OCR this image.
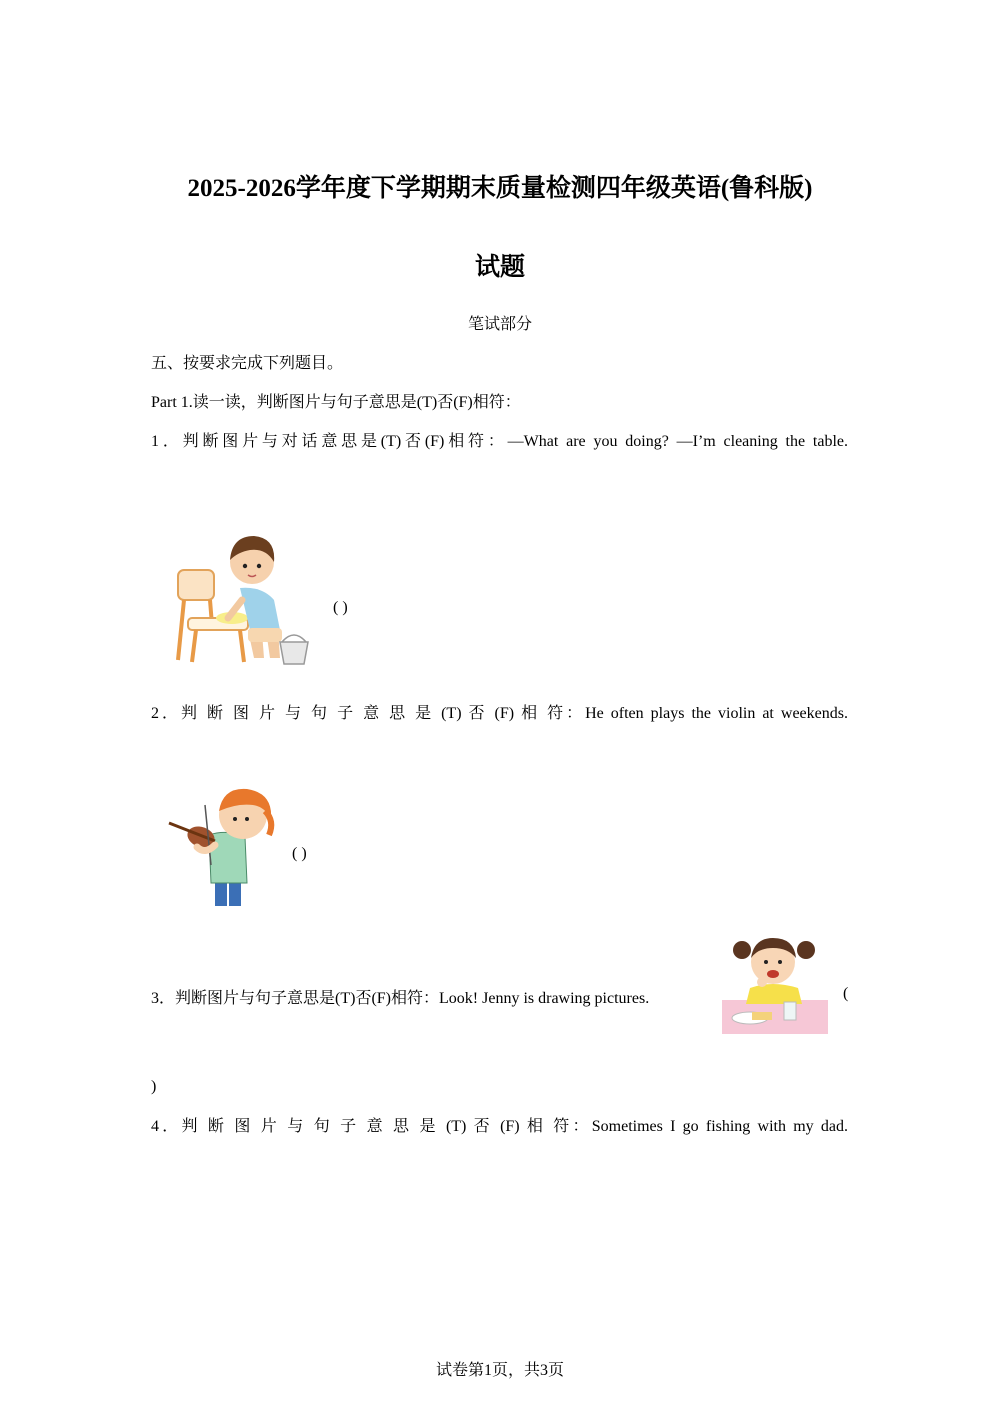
2025-2026学年度下学期期末质量检测四年级英语(鲁科版)
试题
笔试部分
五、按要求完成下列题目。
Part 1.读一读，判断图片与句子意思是(T)否(F)相符：
1．判断图片与对话意思是(T)否(F)相符：—What are you doing? —I’m cleaning the table.
( )
2．判 断 图 片 与 句 子 意 思 是 (T) 否 (F) 相 符：He often plays the violin at weekends.
( )
3．判断图片与句子意思是(T)否(F)相符：Look! Jenny is drawing pictures.	(
)
4．判 断 图 片 与 句 子 意 思 是 (T) 否 (F) 相 符：Sometimes I go fishing with my dad.
试卷第1页，共3页
